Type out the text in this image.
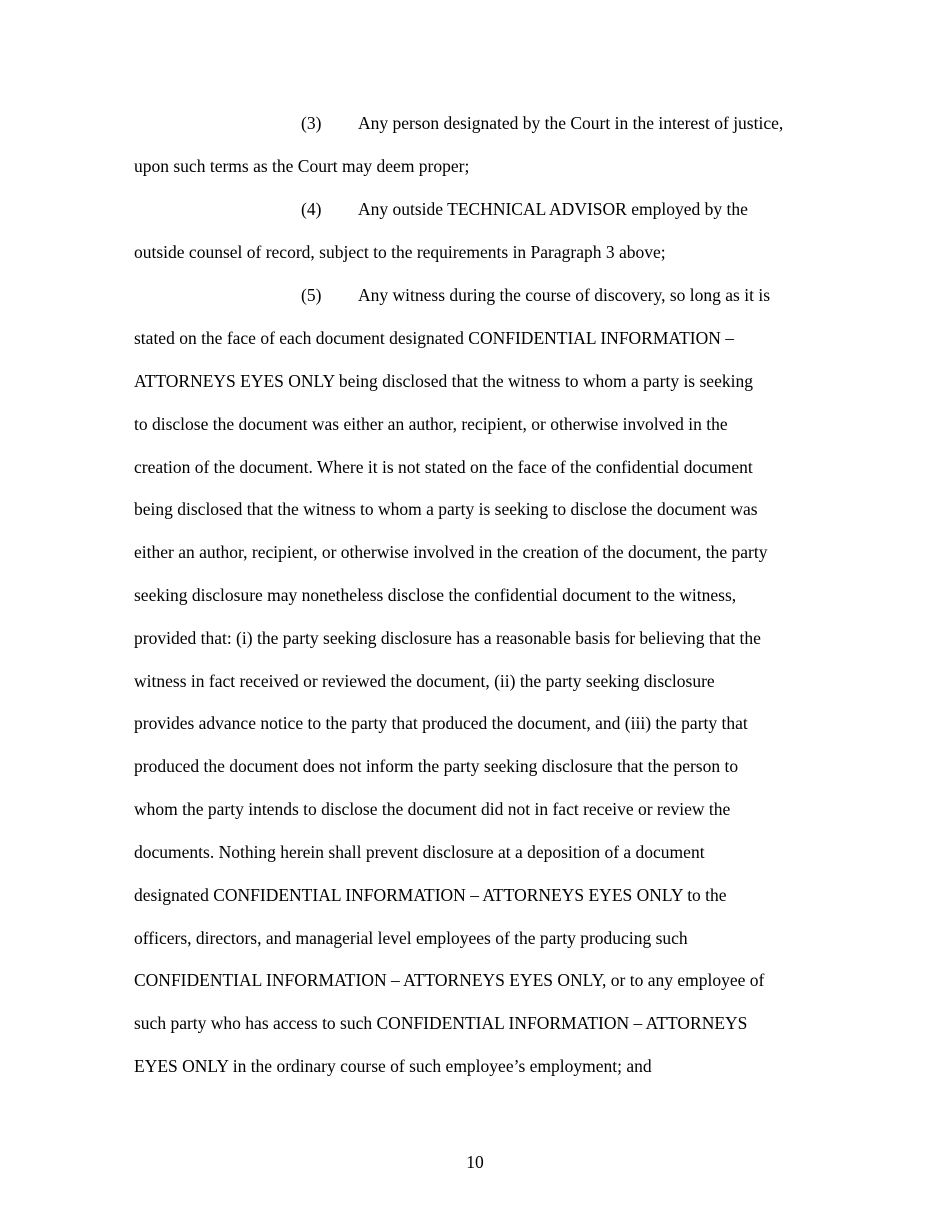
(3) Any person designated by the Court in the interest of justice,
upon such terms as the Court may deem proper;
(4) Any outside TECHNICAL ADVISOR employed by the
outside counsel of record, subject to the requirements in Paragraph 3 above;
(5) Any witness during the course of discovery, so long as it is
stated on the face of each document designated CONFIDENTIAL INFORMATION –
ATTORNEYS EYES ONLY being disclosed that the witness to whom a party is seeking
to disclose the document was either an author, recipient, or otherwise involved in the
creation of the document. Where it is not stated on the face of the confidential document
being disclosed that the witness to whom a party is seeking to disclose the document was
either an author, recipient, or otherwise involved in the creation of the document, the party
seeking disclosure may nonetheless disclose the confidential document to the witness,
provided that: (i) the party seeking disclosure has a reasonable basis for believing that the
witness in fact received or reviewed the document, (ii) the party seeking disclosure
provides advance notice to the party that produced the document, and (iii) the party that
produced the document does not inform the party seeking disclosure that the person to
whom the party intends to disclose the document did not in fact receive or review the
documents. Nothing herein shall prevent disclosure at a deposition of a document
designated CONFIDENTIAL INFORMATION – ATTORNEYS EYES ONLY to the
officers, directors, and managerial level employees of the party producing such
CONFIDENTIAL INFORMATION – ATTORNEYS EYES ONLY, or to any employee of
such party who has access to such CONFIDENTIAL INFORMATION – ATTORNEYS
EYES ONLY in the ordinary course of such employee’s employment; and
10
